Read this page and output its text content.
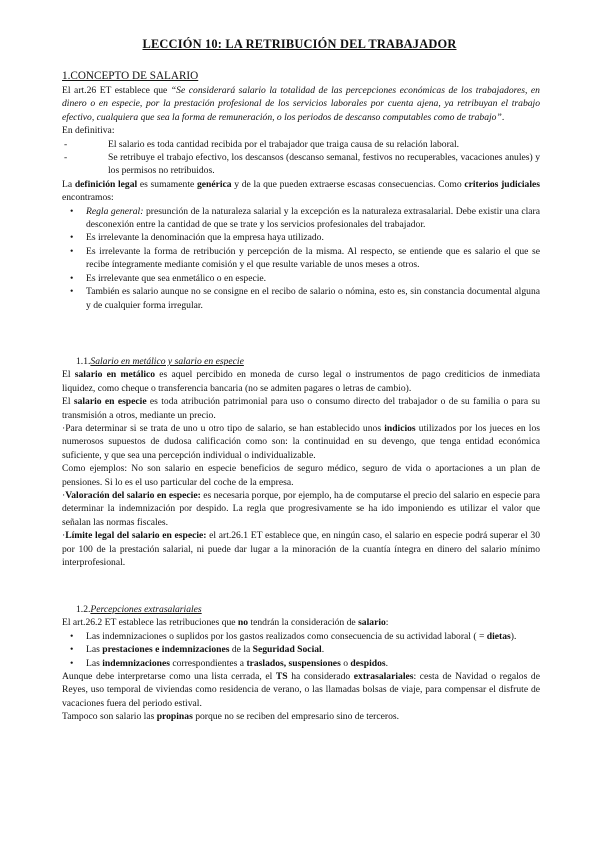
LECCIÓN 10: LA RETRIBUCIÓN DEL TRABAJADOR
1.CONCEPTO DE SALARIO

El art.26 ET establece que “Se considerará salario la totalidad de las percepciones económicas de los trabajadores, en dinero o en especie, por la prestación profesional de los servicios laborales por cuenta ajena, ya retribuyan el trabajo efectivo, cualquiera que sea la forma de remuneración, o los periodos de descanso computables como de trabajo”.

En definitiva:

-	El salario es toda cantidad recibida por el trabajador que traiga causa de su relación laboral.

-	Se retribuye el trabajo efectivo, los descansos (descanso semanal, festivos no recuperables, vacaciones anules) y los permisos no retribuidos.

La definición legal es sumamente genérica y de la que pueden extraerse escasas consecuencias. Como criterios judiciales encontramos:

• Regla general: presunción de la naturaleza salarial y la excepción es la naturaleza extrasalarial. Debe existir una clara desconexión entre la cantidad de que se trate y los servicios profesionales del trabajador.

• Es irrelevante la denominación que la empresa haya utilizado.

• Es irrelevante la forma de retribución y percepción de la misma. Al respecto, se entiende que es salario el que se recibe íntegramente mediante comisión y el que resulte variable de unos meses a otros.

• Es irrelevante que sea enmetálico o en especie.

• También es salario aunque no se consigne en el recibo de salario o nómina, esto es, sin constancia documental alguna y de cualquier forma irregular.

1.1.Salario en metálico y salario en especie

El salario en metálico es aquel percibido en moneda de curso legal o instrumentos de pago crediticios de inmediata liquidez, como cheque o transferencia bancaria (no se admiten pagares o letras de cambio).

El salario en especie es toda atribución patrimonial para uso o consumo directo del trabajador o de su familia o para su transmisión a otros, mediante un precio.

·Para determinar si se trata de uno u otro tipo de salario, se han establecido unos indicios utilizados por los jueces en los numerosos supuestos de dudosa calificación como son: la continuidad en su devengo, que tenga entidad económica suficiente, y que sea una percepción individual o individualizable.

Como ejemplos: No son salario en especie beneficios de seguro médico, seguro de vida o aportaciones a un plan de pensiones. Si lo es el uso particular del coche de la empresa.

·Valoración del salario en especie: es necesaria porque, por ejemplo, ha de computarse el precio del salario en especie para determinar la indemnización por despido. La regla que progresivamente se ha ido imponiendo es utilizar el valor que señalan las normas fiscales.

·Límite legal del salario en especie: el art.26.1 ET establece que, en ningún caso, el salario en especie podrá superar el 30 por 100 de la prestación salarial, ni puede dar lugar a la minoración de la cuantía íntegra en dinero del salario mínimo interprofesional.

1.2.Percepciones extrasalariales

El art.26.2 ET establece las retribuciones que no tendrán la consideración de salario:

• Las indemnizaciones o suplidos por los gastos realizados como consecuencia de su actividad laboral ( = dietas).

• Las prestaciones e indemnizaciones de la Seguridad Social.

• Las indemnizaciones correspondientes a traslados, suspensiones o despidos.

Aunque debe interpretarse como una lista cerrada, el TS ha considerado extrasalariales: cesta de Navidad o regalos de Reyes, uso temporal de viviendas como residencia de verano, o las llamadas bolsas de viaje, para compensar el disfrute de vacaciones fuera del periodo estival.

Tampoco son salario las propinas porque no se reciben del empresario sino de terceros.
